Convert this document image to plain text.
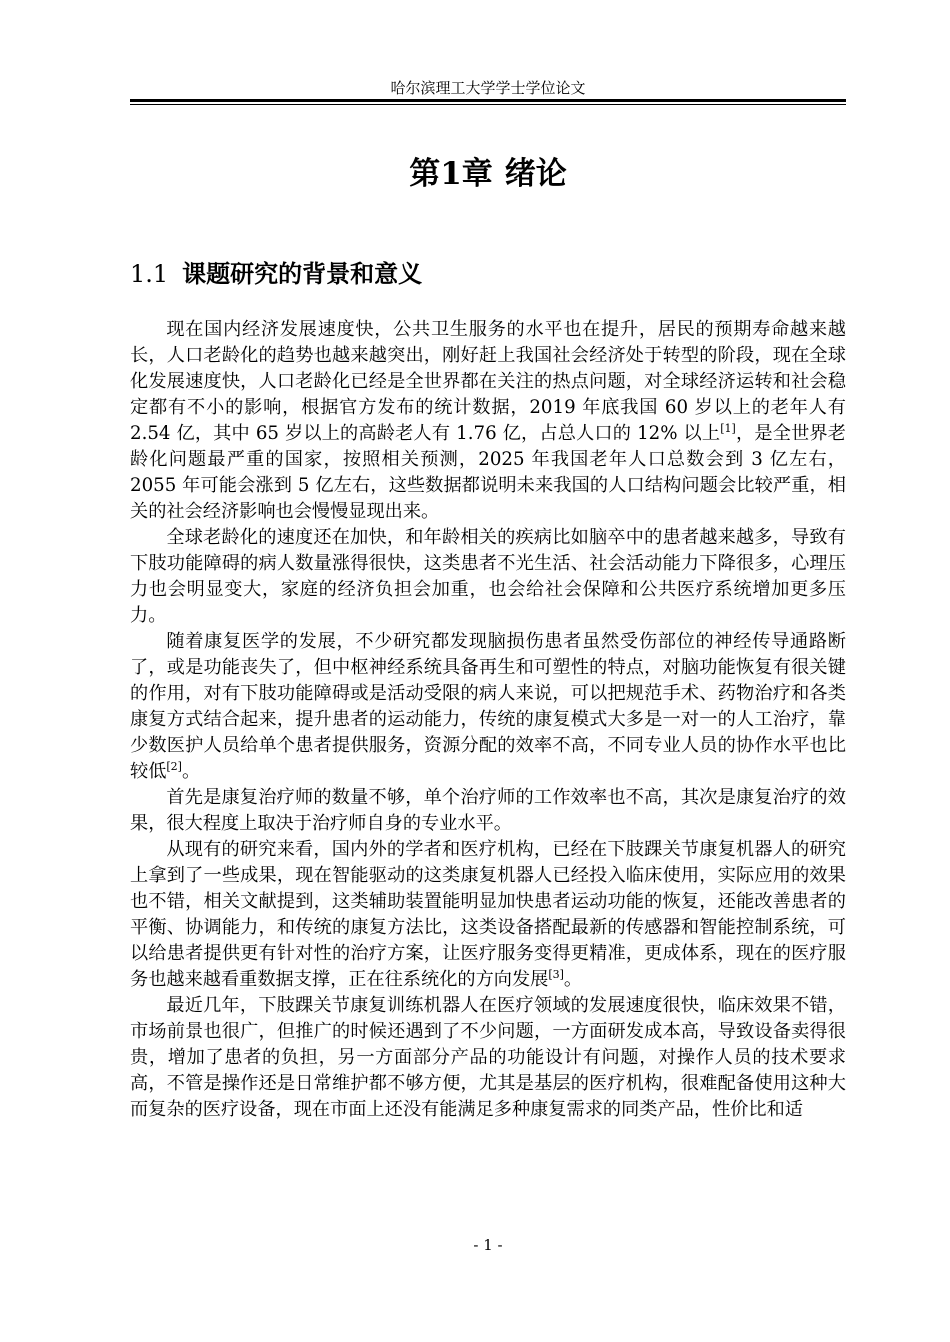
哈尔滨理工大学学士学位论文
第1章 绪论
1.1 课题研究的背景和意义

现在国内经济发展速度快，公共卫生服务的水平也在提升，居民的预期寿命越来越长，人口老龄化的趋势也越来越突出，刚好赶上我国社会经济处于转型的阶段，现在全球化发展速度快，人口老龄化已经是全世界都在关注的热点问题，对全球经济运转和社会稳定都有不小的影响，根据官方发布的统计数据，2019 年底我国 60 岁以上的老年人有 2.54 亿，其中 65 岁以上的高龄老人有 1.76 亿，占总人口的 12% 以上[1]，是全世界老龄化问题最严重的国家，按照相关预测，2025 年我国老年人口总数会到 3 亿左右，2055 年可能会涨到 5 亿左右，这些数据都说明未来我国的人口结构问题会比较严重，相关的社会经济影响也会慢慢显现出来。

全球老龄化的速度还在加快，和年龄相关的疾病比如脑卒中的患者越来越多，导致有下肢功能障碍的病人数量涨得很快，这类患者不光生活、社会活动能力下降很多，心理压力也会明显变大，家庭的经济负担会加重，也会给社会保障和公共医疗系统增加更多压力。

随着康复医学的发展，不少研究都发现脑损伤患者虽然受伤部位的神经传导通路断了，或是功能丧失了，但中枢神经系统具备再生和可塑性的特点，对脑功能恢复有很关键的作用，对有下肢功能障碍或是活动受限的病人来说，可以把规范手术、药物治疗和各类康复方式结合起来，提升患者的运动能力，传统的康复模式大多是一对一的人工治疗，靠少数医护人员给单个患者提供服务，资源分配的效率不高，不同专业人员的协作水平也比较低[2]。

首先是康复治疗师的数量不够，单个治疗师的工作效率也不高，其次是康复治疗的效果，很大程度上取决于治疗师自身的专业水平。

从现有的研究来看，国内外的学者和医疗机构，已经在下肢踝关节康复机器人的研究上拿到了一些成果，现在智能驱动的这类康复机器人已经投入临床使用，实际应用的效果也不错，相关文献提到，这类辅助装置能明显加快患者运动功能的恢复，还能改善患者的平衡、协调能力，和传统的康复方法比，这类设备搭配最新的传感器和智能控制系统，可以给患者提供更有针对性的治疗方案，让医疗服务变得更精准，更成体系，现在的医疗服务也越来越看重数据支撑，正在往系统化的方向发展[3]。

最近几年，下肢踝关节康复训练机器人在医疗领域的发展速度很快，临床效果不错，市场前景也很广，但推广的时候还遇到了不少问题，一方面研发成本高，导致设备卖得很贵，增加了患者的负担，另一方面部分产品的功能设计有问题，对操作人员的技术要求高，不管是操作还是日常维护都不够方便，尤其是基层的医疗机构，很难配备使用这种大而复杂的医疗设备，现在市面上还没有能满足多种康复需求的同类产品，性价比和适

- 1 -
